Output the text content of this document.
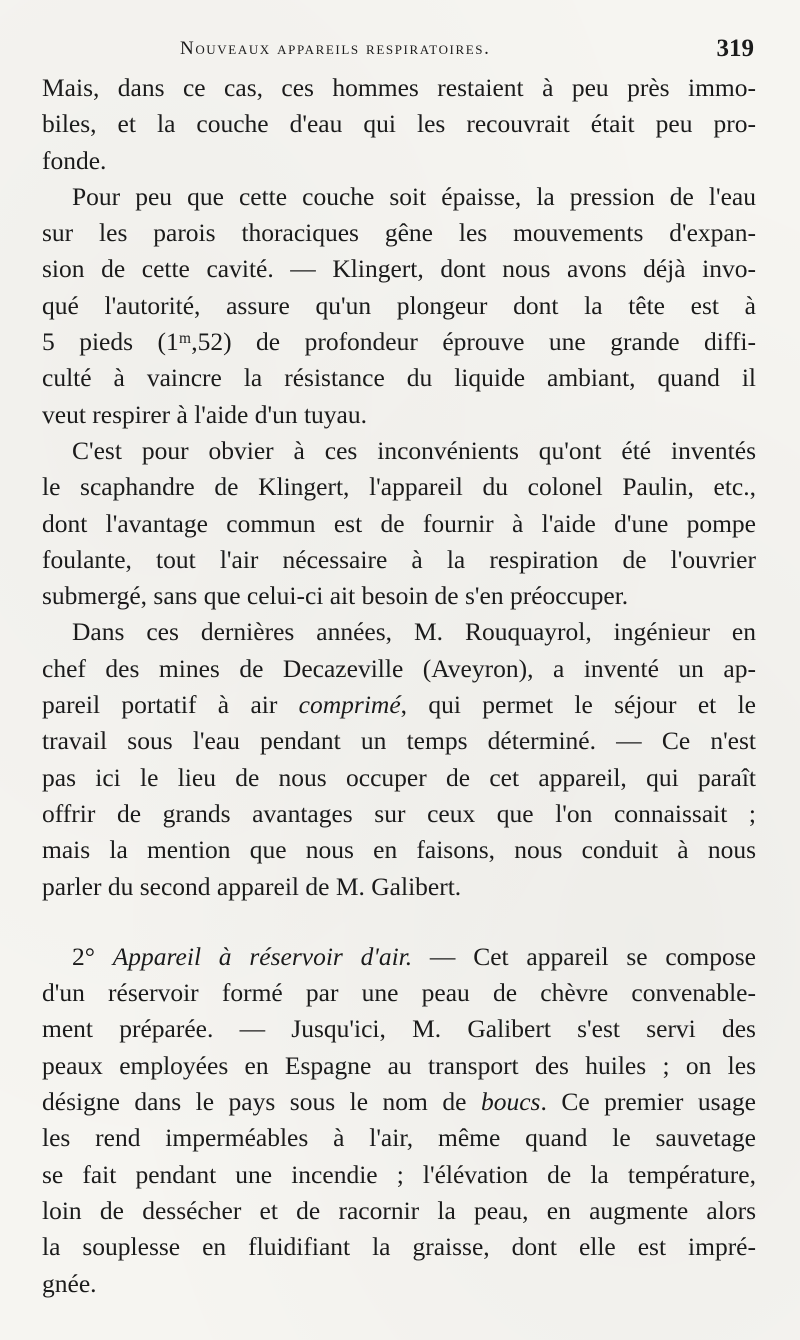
Nouveaux appareils respiratoires.	319
Mais, dans ce cas, ces hommes restaient à peu près immo-
biles, et la couche d'eau qui les recouvrait était peu pro-
fonde.
Pour peu que cette couche soit épaisse, la pression de l'eau
sur les parois thoraciques gêne les mouvements d'expan-
sion de cette cavité. — Klingert, dont nous avons déjà invo-
qué l'autorité, assure qu'un plongeur dont la tête est à
5 pieds (1ᵐ,52) de profondeur éprouve une grande diffi-
culté à vaincre la résistance du liquide ambiant, quand il
veut respirer à l'aide d'un tuyau.
C'est pour obvier à ces inconvénients qu'ont été inventés
le scaphandre de Klingert, l'appareil du colonel Paulin, etc.,
dont l'avantage commun est de fournir à l'aide d'une pompe
foulante, tout l'air nécessaire à la respiration de l'ouvrier
submergé, sans que celui-ci ait besoin de s'en préoccuper.
Dans ces dernières années, M. Rouquayrol, ingénieur en
chef des mines de Decazeville (Aveyron), a inventé un ap-
pareil portatif à air comprimé, qui permet le séjour et le
travail sous l'eau pendant un temps déterminé. — Ce n'est
pas ici le lieu de nous occuper de cet appareil, qui paraît
offrir de grands avantages sur ceux que l'on connaissait ;
mais la mention que nous en faisons, nous conduit à nous
parler du second appareil de M. Galibert.
2° Appareil à réservoir d'air. — Cet appareil se compose
d'un réservoir formé par une peau de chèvre convenable-
ment préparée. — Jusqu'ici, M. Galibert s'est servi des
peaux employées en Espagne au transport des huiles ; on les
désigne dans le pays sous le nom de boucs. Ce premier usage
les rend imperméables à l'air, même quand le sauvetage
se fait pendant une incendie ; l'élévation de la température,
loin de dessécher et de racornir la peau, en augmente alors
la souplesse en fluidifiant la graisse, dont elle est impré-
gnée.
